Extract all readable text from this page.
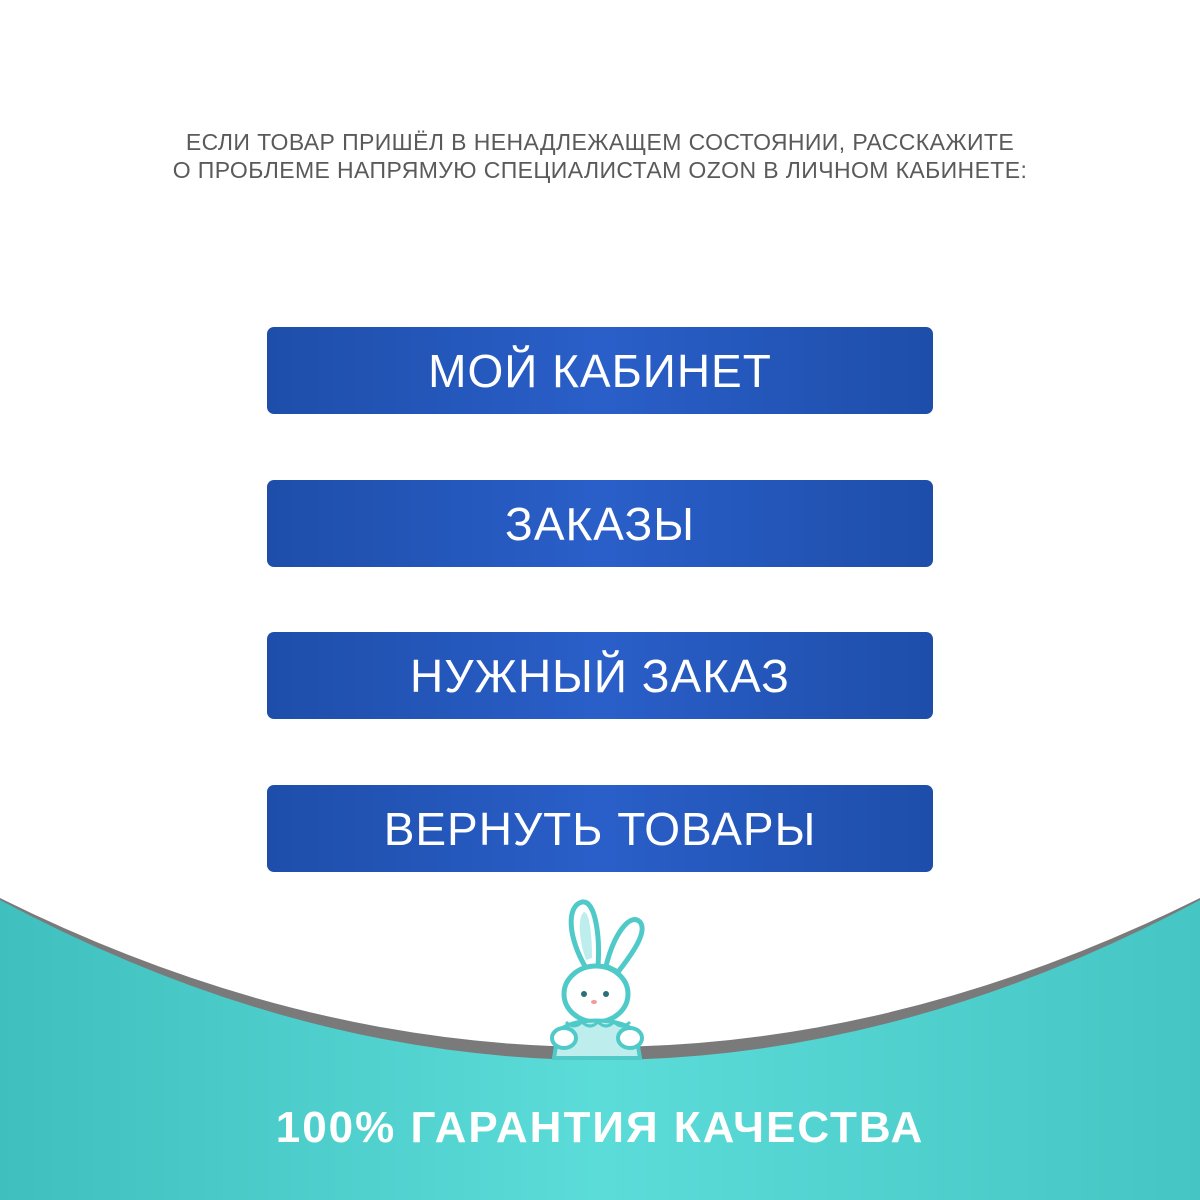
ЕСЛИ ТОВАР ПРИШЁЛ В НЕНАДЛЕЖАЩЕМ СОСТОЯНИИ, РАССКАЖИТЕ
О ПРОБЛЕМЕ НАПРЯМУЮ СПЕЦИАЛИСТАМ OZON В ЛИЧНОМ КАБИНЕТЕ:
МОЙ КАБИНЕТ
ЗАКАЗЫ
НУЖНЫЙ ЗАКАЗ
ВЕРНУТЬ ТОВАРЫ
100% ГАРАНТИЯ КАЧЕСТВА
